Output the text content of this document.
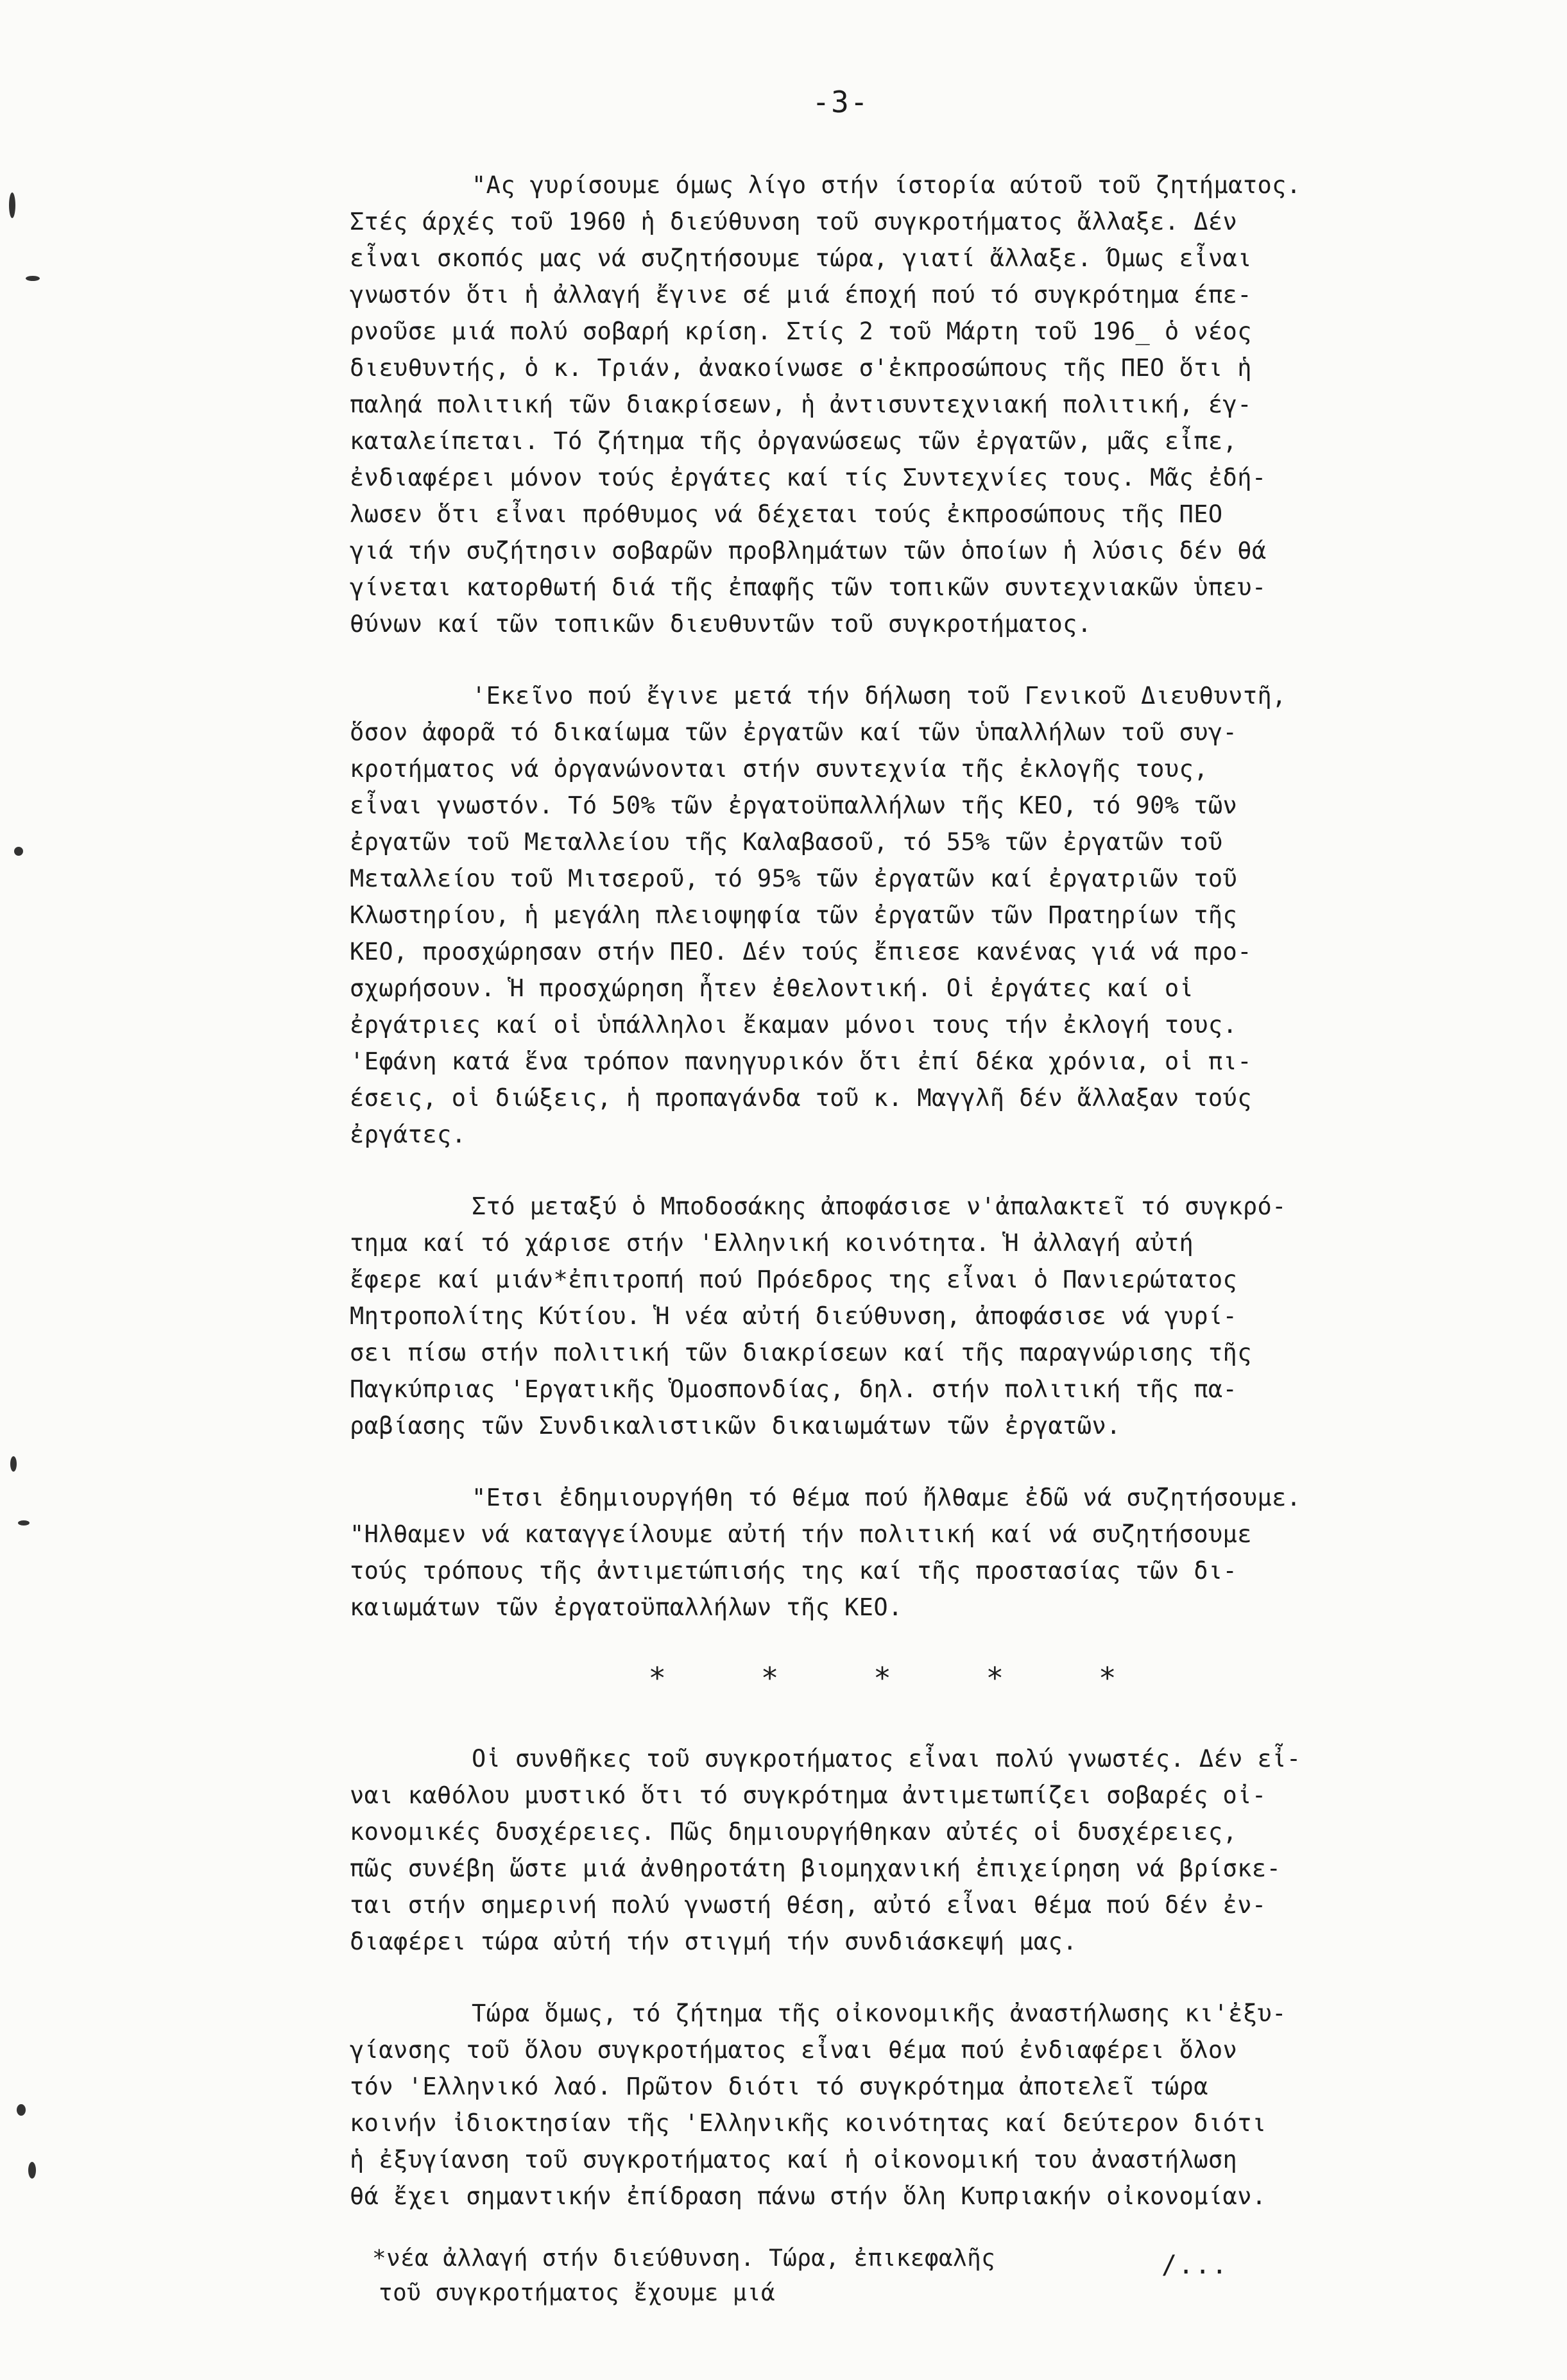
-3-
"Ας γυρίσουμε όμως λίγο στήν ίστορία αύτοῦ τοῦ ζητήματος.
Στές άρχές τοῦ 1960 ἡ διεύθυνση τοῦ συγκροτήματος ἄλλαξε. Δέν
εἶναι σκοπός μας νά συζητήσουμε τώρα, γιατί ἄλλαξε. Όμως εἶναι
γνωστόν ὅτι ἡ ἀλλαγή ἔγινε σέ μιά έποχή πού τό συγκρότημα έπε-
ρνοῦσε μιά πολύ σοβαρή κρίση. Στίς 2 τοῦ Μάρτη τοῦ 196_ ὁ νέος
διευθυντής, ὁ κ. Τριάν, ἀνακοίνωσε σ'ἐκπροσώπους τῆς ΠΕΟ ὅτι ἡ
παληά πολιτική τῶν διακρίσεων, ἡ ἀντισυντεχνιακή πολιτική, έγ-
καταλείπεται. Τό ζήτημα τῆς ὀργανώσεως τῶν ἐργατῶν, μᾶς εἶπε,
ἐνδιαφέρει μόνον τούς ἐργάτες καί τίς Συντεχνίες τους. Μᾶς ἐδή-
λωσεν ὅτι εἶναι πρόθυμος νά δέχεται τούς ἐκπροσώπους τῆς ΠΕΟ
γιά τήν συζήτησιν σοβαρῶν προβλημάτων τῶν ὁποίων ἡ λύσις δέν θά
γίνεται κατορθωτή διά τῆς ἐπαφῆς τῶν τοπικῶν συντεχνιακῶν ὑπευ-
θύνων καί τῶν τοπικῶν διευθυντῶν τοῦ συγκροτήματος.
'Εκεῖνο πού ἔγινε μετά τήν δήλωση τοῦ Γενικοῦ Διευθυντῆ,
ὅσον ἀφορᾶ τό δικαίωμα τῶν ἐργατῶν καί τῶν ὑπαλλήλων τοῦ συγ-
κροτήματος νά ὀργανώνονται στήν συντεχνία τῆς ἐκλογῆς τους,
εἶναι γνωστόν. Τό 50% τῶν ἐργατοϋπαλλήλων τῆς ΚΕΟ, τό 90% τῶν
ἐργατῶν τοῦ Μεταλλείου τῆς Καλαβασοῦ, τό 55% τῶν ἐργατῶν τοῦ
Μεταλλείου τοῦ Μιτσεροῦ, τό 95% τῶν ἐργατῶν καί ἐργατριῶν τοῦ
Κλωστηρίου, ἡ μεγάλη πλειοψηφία τῶν ἐργατῶν τῶν Πρατηρίων τῆς
ΚΕΟ, προσχώρησαν στήν ΠΕΟ. Δέν τούς ἔπιεσε κανένας γιά νά προ-
σχωρήσουν. Ἡ προσχώρηση ἦτεν ἐθελοντική. Οἱ ἐργάτες καί οἱ
ἐργάτριες καί οἱ ὑπάλληλοι ἔκαμαν μόνοι τους τήν ἐκλογή τους.
'Εφάνη κατά ἕνα τρόπον πανηγυρικόν ὅτι ἐπί δέκα χρόνια, οἱ πι-
έσεις, οἱ διώξεις, ἡ προπαγάνδα τοῦ κ. Μαγγλῆ δέν ἄλλαξαν τούς
ἐργάτες.
Στό μεταξύ ὁ Μποδοσάκης ἀποφάσισε ν'ἀπαλακτεῖ τό συγκρό-
τημα καί τό χάρισε στήν 'Ελληνική κοινότητα. Ἡ ἀλλαγή αὐτή
ἔφερε καί μιάν*ἐπιτροπή πού Πρόεδρος της εἶναι ὁ Πανιερώτατος
Μητροπολίτης Κύτίου. Ἡ νέα αὐτή διεύθυνση, ἀποφάσισε νά γυρί-
σει πίσω στήν πολιτική τῶν διακρίσεων καί τῆς παραγνώρισης τῆς
Παγκύπριας 'Εργατικῆς Ὁμοσπονδίας, δηλ. στήν πολιτική τῆς πα-
ραβίασης τῶν Συνδικαλιστικῶν δικαιωμάτων τῶν ἐργατῶν.
"Ετσι ἐδημιουργήθη τό θέμα πού ἤλθαμε ἐδῶ νά συζητήσουμε.
"Ηλθαμεν νά καταγγείλουμε αὐτή τήν πολιτική καί νά συζητήσουμε
τούς τρόπους τῆς ἀντιμετώπισής της καί τῆς προστασίας τῶν δι-
καιωμάτων τῶν ἐργατοϋπαλλήλων τῆς ΚΕΟ.
* * * * *
Οἱ συνθῆκες τοῦ συγκροτήματος εἶναι πολύ γνωστές. Δέν εἶ-
ναι καθόλου μυστικό ὅτι τό συγκρότημα ἀντιμετωπίζει σοβαρές οἰ-
κονομικές δυσχέρειες. Πῶς δημιουργήθηκαν αὐτές οἱ δυσχέρειες,
πῶς συνέβη ὥστε μιά ἀνθηροτάτη βιομηχανική ἐπιχείρηση νά βρίσκε-
ται στήν σημερινή πολύ γνωστή θέση, αὐτό εἶναι θέμα πού δέν ἐν-
διαφέρει τώρα αὐτή τήν στιγμή τήν συνδιάσκεψή μας.
Τώρα ὅμως, τό ζήτημα τῆς οἰκονομικῆς ἀναστήλωσης κι'ἐξυ-
γίανσης τοῦ ὅλου συγκροτήματος εἶναι θέμα πού ἐνδιαφέρει ὅλον
τόν 'Ελληνικό λαό. Πρῶτον διότι τό συγκρότημα ἀποτελεῖ τώρα
κοινήν ἰδιοκτησίαν τῆς 'Ελληνικῆς κοινότητας καί δεύτερον διότι
ἡ ἐξυγίανση τοῦ συγκροτήματος καί ἡ οἰκονομική του ἀναστήλωση
θά ἔχει σημαντικήν ἐπίδραση πάνω στήν ὅλη Κυπριακήν οἰκονομίαν.
*νέα ἀλλαγή στήν διεύθυνση. Τώρα, ἐπικεφαλῆς
τοῦ συγκροτήματος ἔχουμε μιά
/...
